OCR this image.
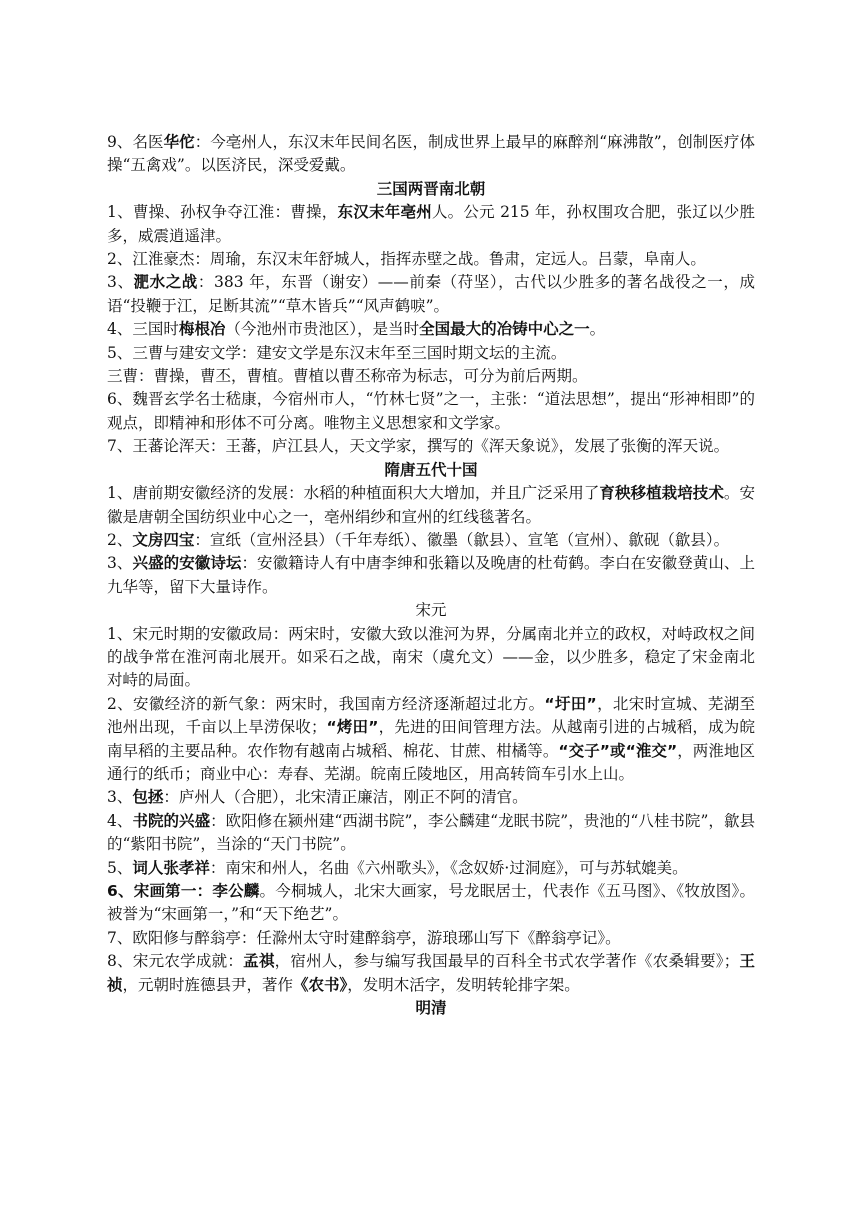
9、名医华佗：今亳州人，东汉末年民间名医，制成世界上最早的麻醉剂“麻沸散”，创制医疗体操“五禽戏”。以医济民，深受爱戴。

三国两晋南北朝

1、曹操、孙权争夺江淮：曹操，东汉末年亳州人。公元 215 年，孙权围攻合肥，张辽以少胜多，威震逍遥津。

2、江淮豪杰：周瑜，东汉末年舒城人，指挥赤壁之战。鲁肃，定远人。吕蒙，阜南人。

3、淝水之战：383 年，东晋（谢安）——前秦（苻坚），古代以少胜多的著名战役之一，成语“投鞭于江，足断其流”“草木皆兵”“风声鹤唳”。

4、三国时梅根冶（今池州市贵池区），是当时全国最大的冶铸中心之一。

5、三曹与建安文学：建安文学是东汉末年至三国时期文坛的主流。

三曹：曹操，曹丕，曹植。曹植以曹丕称帝为标志，可分为前后两期。

6、魏晋玄学名士嵇康，今宿州市人，“竹林七贤”之一，主张：“道法思想”，提出“形神相即”的观点，即精神和形体不可分离。唯物主义思想家和文学家。

7、王蕃论浑天：王蕃，庐江县人，天文学家，撰写的《浑天象说》，发展了张衡的浑天说。

隋唐五代十国

1、唐前期安徽经济的发展：水稻的种植面积大大增加，并且广泛采用了育秧移植栽培技术。安徽是唐朝全国纺织业中心之一，亳州绢纱和宣州的红线毯著名。

2、文房四宝：宣纸（宣州泾县）（千年寿纸）、徽墨（歙县）、宣笔（宣州）、歙砚（歙县）。

3、兴盛的安徽诗坛：安徽籍诗人有中唐李绅和张籍以及晚唐的杜荀鹤。李白在安徽登黄山、上九华等，留下大量诗作。

宋元

1、宋元时期的安徽政局：两宋时，安徽大致以淮河为界，分属南北并立的政权，对峙政权之间的战争常在淮河南北展开。如采石之战，南宋（虞允文）——金，以少胜多，稳定了宋金南北对峙的局面。

2、安徽经济的新气象：两宋时，我国南方经济逐渐超过北方。“圩田”，北宋时宣城、芜湖至池州出现，千亩以上旱涝保收；“烤田”，先进的田间管理方法。从越南引进的占城稻，成为皖南早稻的主要品种。农作物有越南占城稻、棉花、甘蔗、柑橘等。“交子”或“淮交”，两淮地区通行的纸币；商业中心：寿春、芜湖。皖南丘陵地区，用高转筒车引水上山。

3、包拯：庐州人（合肥），北宋清正廉洁，刚正不阿的清官。

4、书院的兴盛：欧阳修在颍州建“西湖书院”，李公麟建“龙眠书院”，贵池的“八桂书院”，歙县的“紫阳书院”，当涂的“天门书院”。

5、词人张孝祥：南宋和州人，名曲《六州歌头》，《念奴娇·过洞庭》，可与苏轼媲美。

6、宋画第一：李公麟。今桐城人，北宋大画家，号龙眠居士，代表作《五马图》、《牧放图》。被誉为“宋画第一，”和“天下绝艺”。

7、欧阳修与醉翁亭：任滁州太守时建醉翁亭，游琅琊山写下《醉翁亭记》。

8、宋元农学成就：孟祺，宿州人，参与编写我国最早的百科全书式农学著作《农桑辑要》；王祯，元朝时旌德县尹，著作《农书》，发明木活字，发明转轮排字架。

明清
